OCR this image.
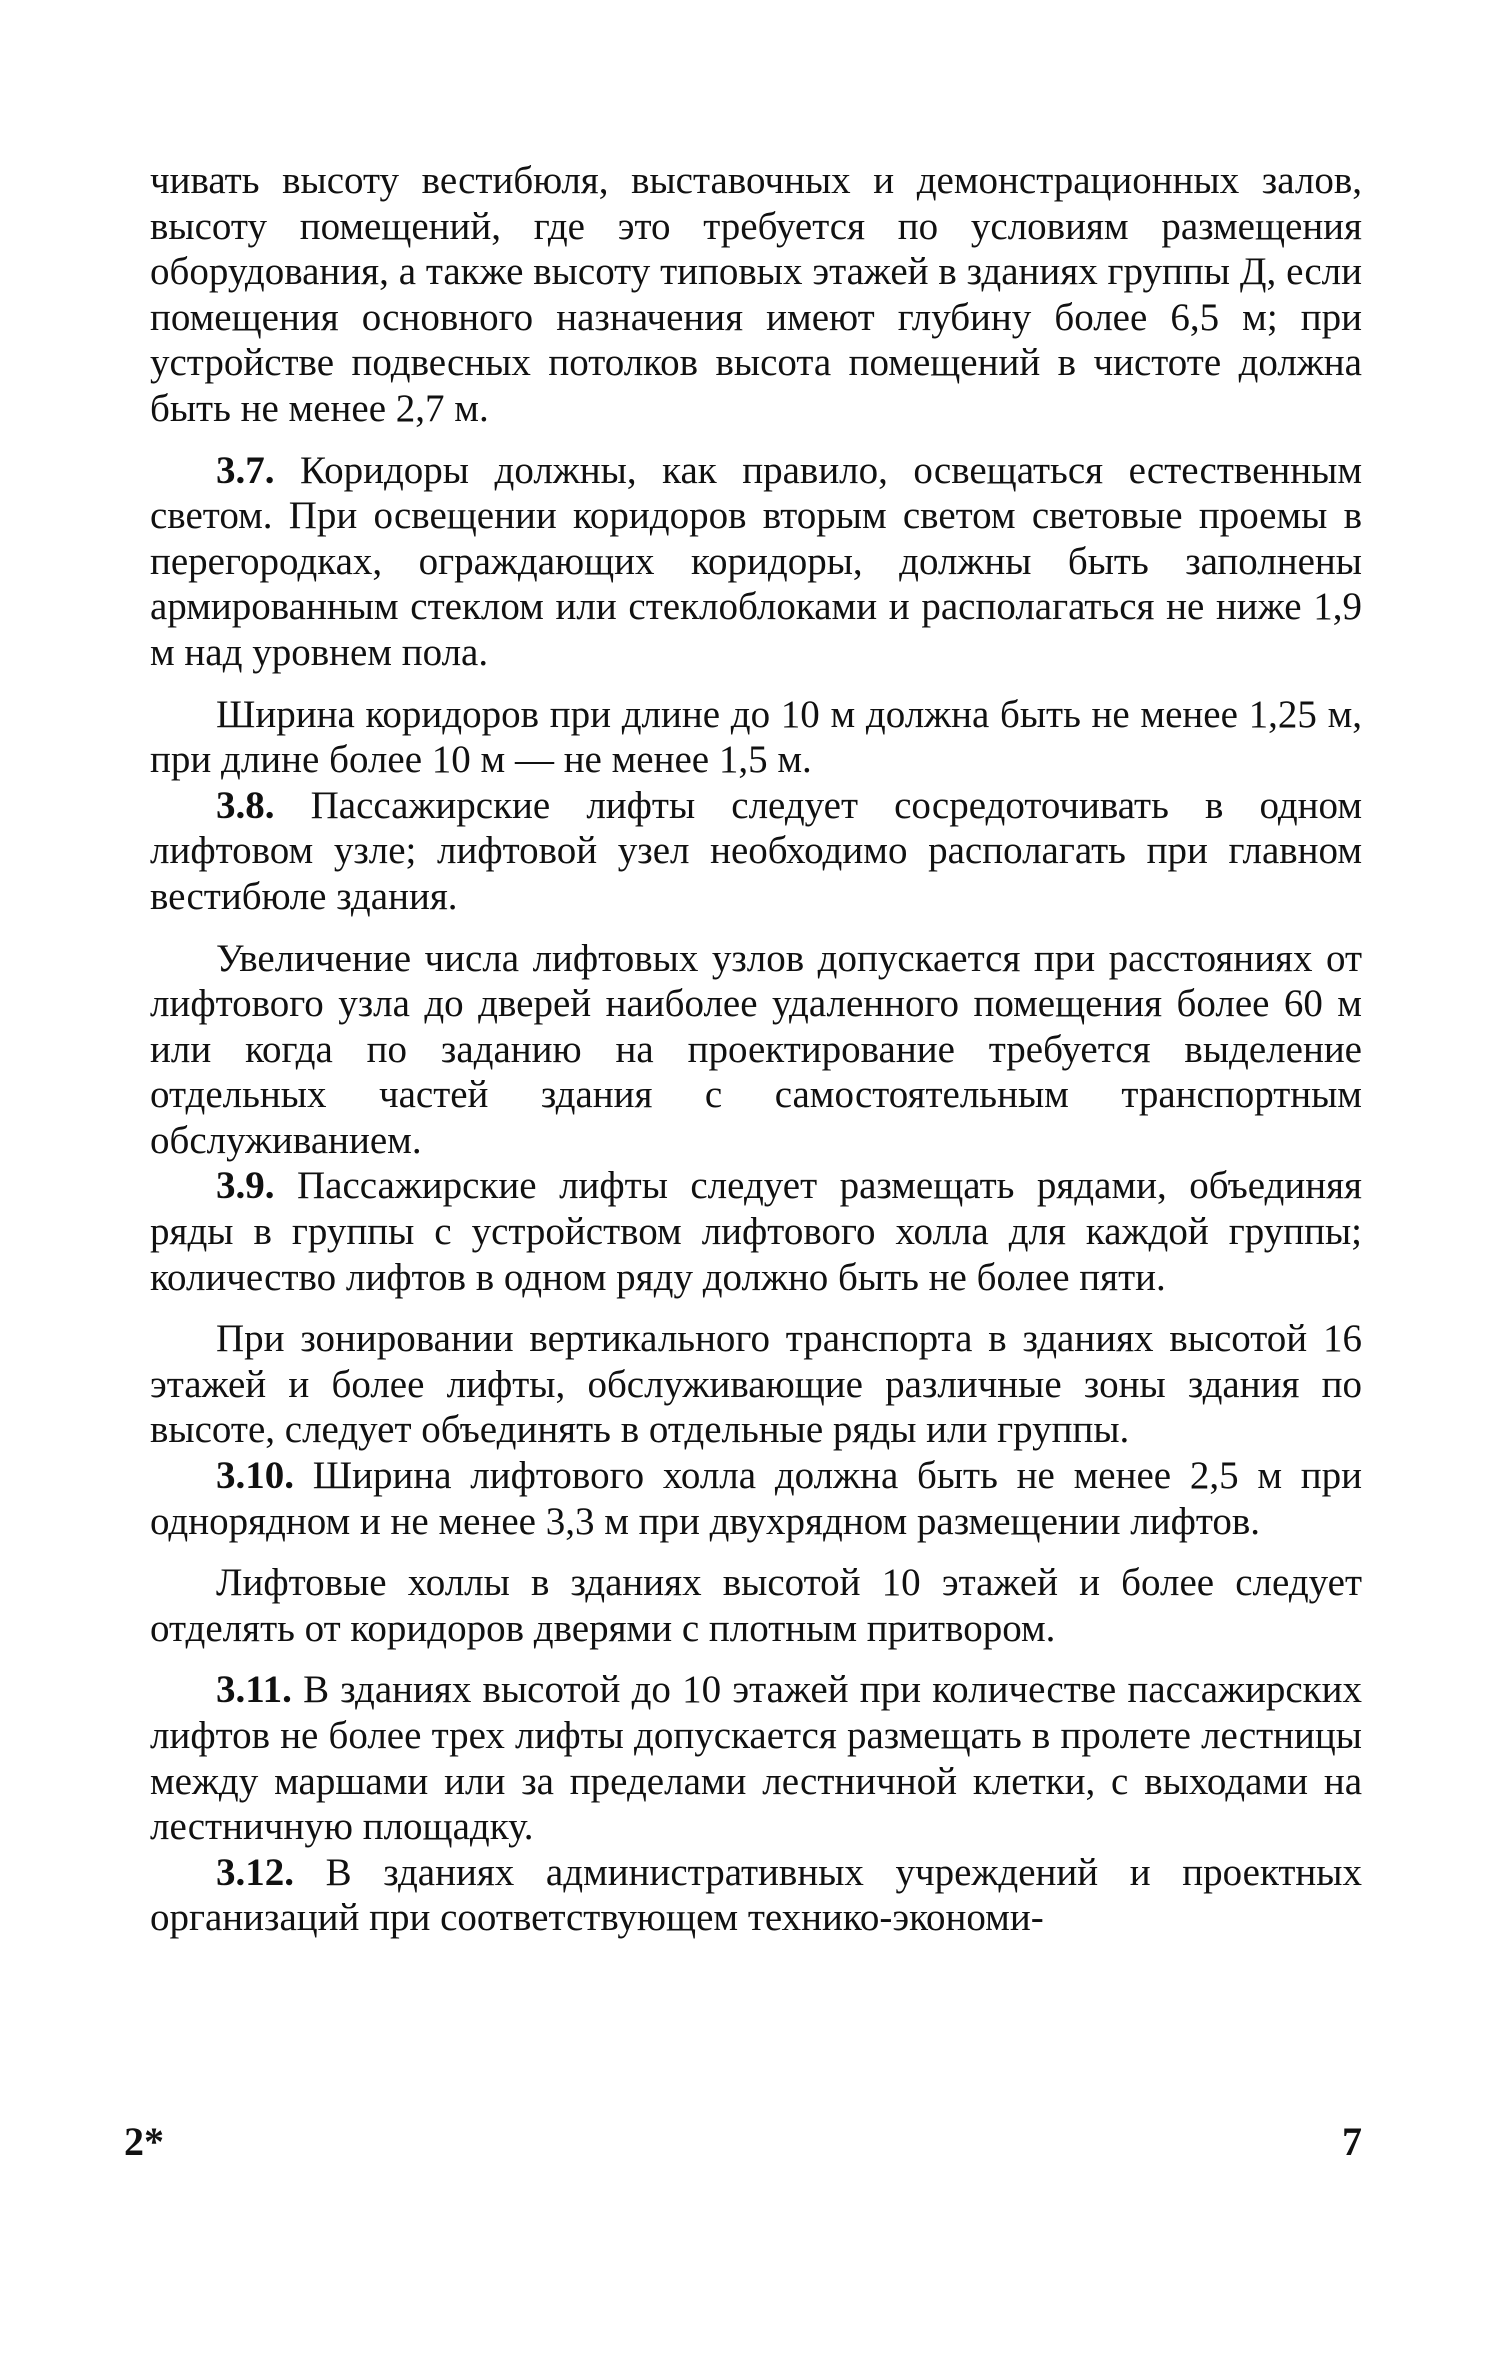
чивать высоту вестибюля, выставочных и демонстрационных залов, высоту помещений, где это требуется по условиям размещения оборудования, а также высоту типовых этажей в зданиях группы Д, если помещения основного назначения имеют глубину более 6,5 м; при устройстве подвесных потолков высота помещений в чистоте должна быть не менее 2,7 м.

3.7. Коридоры должны, как правило, освещаться естественным светом. При освещении коридоров вторым светом световые проемы в перегородках, ограждающих коридоры, должны быть заполнены армированным стеклом или стеклоблоками и располагаться не ниже 1,9 м над уровнем пола.

Ширина коридоров при длине до 10 м должна быть не менее 1,25 м, при длине более 10 м — не менее 1,5 м.

3.8. Пассажирские лифты следует сосредоточивать в одном лифтовом узле; лифтовой узел необходимо располагать при главном вестибюле здания.

Увеличение числа лифтовых узлов допускается при расстояниях от лифтового узла до дверей наиболее удаленного помещения более 60 м или когда по заданию на проектирование требуется выделение отдельных частей здания с самостоятельным транспортным обслуживанием.

3.9. Пассажирские лифты следует размещать рядами, объединяя ряды в группы с устройством лифтового холла для каждой группы; количество лифтов в одном ряду должно быть не более пяти.

При зонировании вертикального транспорта в зданиях высотой 16 этажей и более лифты, обслуживающие различные зоны здания по высоте, следует объединять в отдельные ряды или группы.

3.10. Ширина лифтового холла должна быть не менее 2,5 м при однорядном и не менее 3,3 м при двухрядном размещении лифтов.

Лифтовые холлы в зданиях высотой 10 этажей и более следует отделять от коридоров дверями с плотным притвором.

3.11. В зданиях высотой до 10 этажей при количестве пассажирских лифтов не более трех лифты допускается размещать в пролете лестницы между маршами или за пределами лестничной клетки, с выходами на лестничную площадку.

3.12. В зданиях административных учреждений и проектных организаций при соответствующем технико-экономи-

2*	7
